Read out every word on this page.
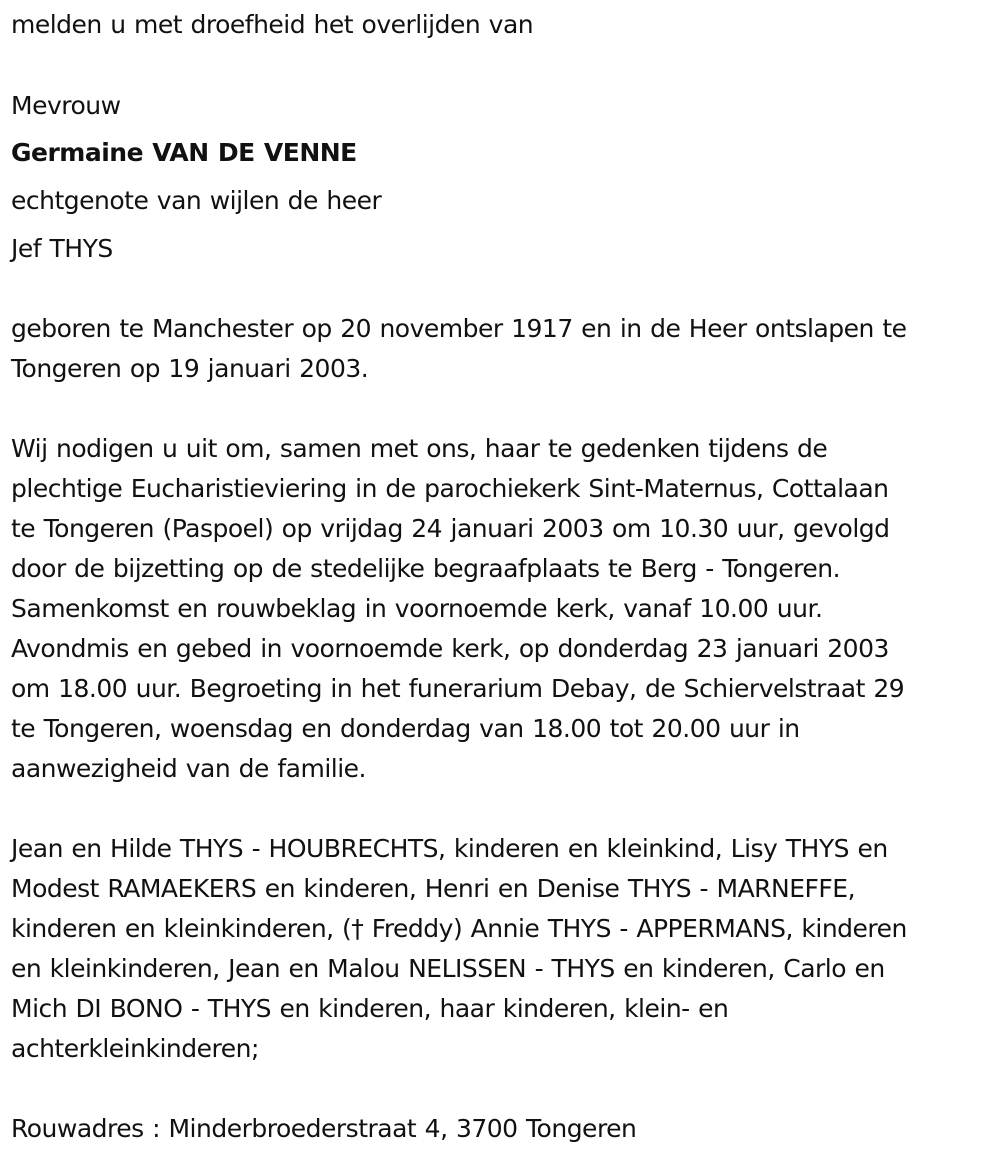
melden u met droefheid het overlijden van

Mevrouw

Germaine VAN DE VENNE

echtgenote van wijlen de heer

Jef THYS

geboren te Manchester op 20 november 1917 en in de Heer ontslapen te
Tongeren op 19 januari 2003.

Wij nodigen u uit om, samen met ons, haar te gedenken tijdens de
plechtige Eucharistieviering in de parochiekerk Sint-Maternus, Cottalaan
te Tongeren (Paspoel) op vrijdag 24 januari 2003 om 10.30 uur, gevolgd
door de bijzetting op de stedelijke begraafplaats te Berg - Tongeren.
Samenkomst en rouwbeklag in voornoemde kerk, vanaf 10.00 uur.
Avondmis en gebed in voornoemde kerk, op donderdag 23 januari 2003
om 18.00 uur. Begroeting in het funerarium Debay, de Schiervelstraat 29
te Tongeren, woensdag en donderdag van 18.00 tot 20.00 uur in
aanwezigheid van de familie.

Jean en Hilde THYS - HOUBRECHTS, kinderen en kleinkind, Lisy THYS en
Modest RAMAEKERS en kinderen, Henri en Denise THYS - MARNEFFE,
kinderen en kleinkinderen, († Freddy) Annie THYS - APPERMANS, kinderen
en kleinkinderen, Jean en Malou NELISSEN - THYS en kinderen, Carlo en
Mich DI BONO - THYS en kinderen, haar kinderen, klein- en
achterkleinkinderen;

Rouwadres : Minderbroederstraat 4, 3700 Tongeren
